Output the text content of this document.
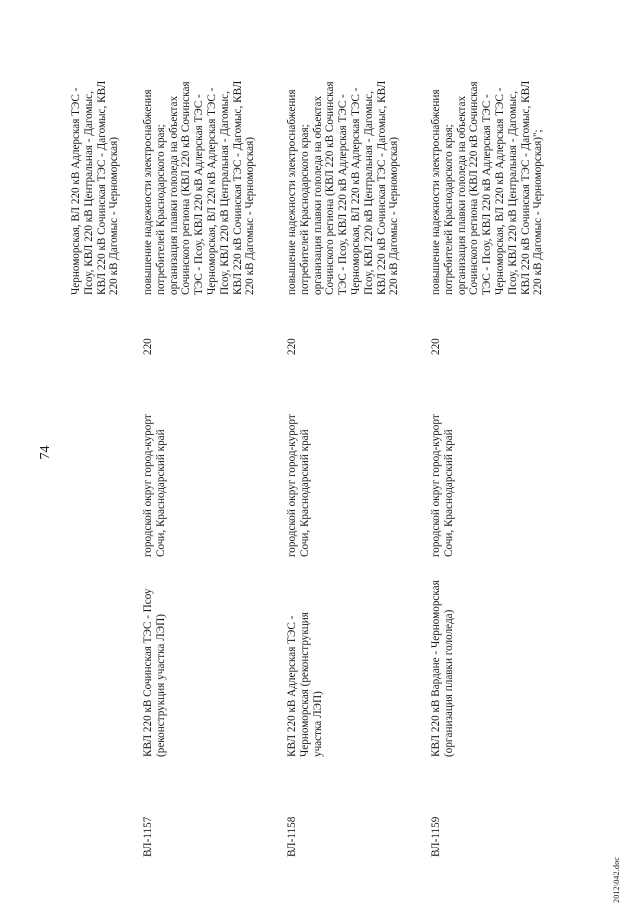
74
Черноморская, ВЛ 220 кВ Адлерская ТЭС - Псоу, КВЛ 220 кВ Центральная - Дагомыс, КВЛ 220 кВ Сочинская ТЭС - Дагомыс, КВЛ 220 кВ Дагомыс - Черноморская)
ВЛ-1157
КВЛ 220 кВ Сочинская ТЭС - Псоу (реконструкция участка ЛЭП)
городской округ город-курорт Сочи, Краснодарский край
220
повышение надежности электроснабжения потребителей Краснодарского края; организация плавки гололеда на объектах Сочинского региона (КВЛ 220 кВ Сочинская ТЭС - Псоу, КВЛ 220 кВ Адлерская ТЭС - Черноморская, ВЛ 220 кВ Адлерская ТЭС - Псоу, КВЛ 220 кВ Центральная - Дагомыс, КВЛ 220 кВ Сочинская ТЭС - Дагомыс, КВЛ 220 кВ Дагомыс - Черноморская)
ВЛ-1158
КВЛ 220 кВ Адлерская ТЭС - Черноморская (реконструкция участка ЛЭП)
городской округ город-курорт Сочи, Краснодарский край
220
повышение надежности электроснабжения потребителей Краснодарского края; организация плавки гололеда на объектах Сочинского региона (КВЛ 220 кВ Сочинская ТЭС - Псоу, КВЛ 220 кВ Адлерская ТЭС - Черноморская, ВЛ 220 кВ Адлерская ТЭС - Псоу, КВЛ 220 кВ Центральная - Дагомыс, КВЛ 220 кВ Сочинская ТЭС - Дагомыс, КВЛ 220 кВ Дагомыс - Черноморская)
ВЛ-1159
КВЛ 220 кВ Вардане - Черноморская (организация плавки гололеда)
городской округ город-курорт Сочи, Краснодарский край
220
повышение надежности электроснабжения потребителей Краснодарского края; организация плавки гололеда на объектах Сочинского региона (КВЛ 220 кВ Сочинская ТЭС - Псоу, КВЛ 220 кВ Адлерская ТЭС - Черноморская, ВЛ 220 кВ Адлерская ТЭС - Псоу, КВЛ 220 кВ Центральная - Дагомыс, КВЛ 220 кВ Сочинская ТЭС - Дагомыс, КВЛ 220 кВ Дагомыс - Черноморская)";
2012\042.doc
